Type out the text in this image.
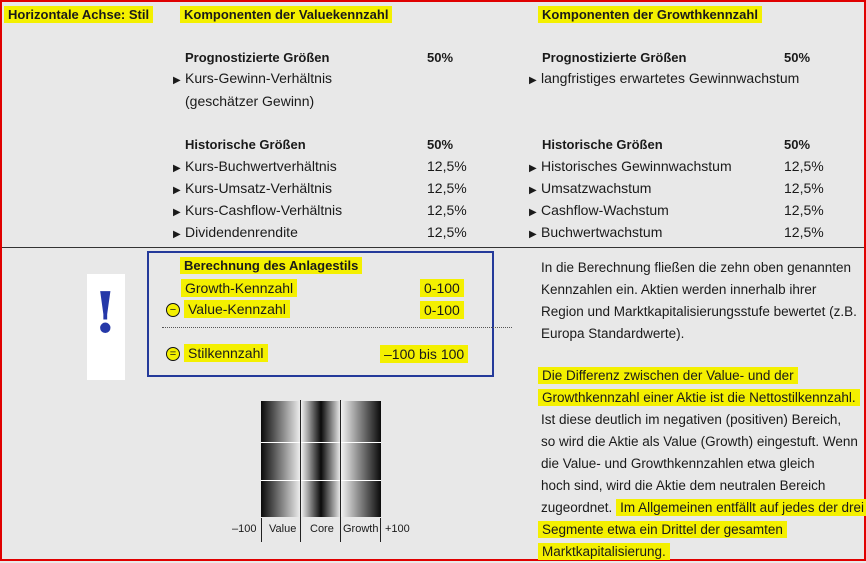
Horizontale Achse: Stil	Komponenten der Valuekennzahl	Komponenten der Growthkennzahl
Prognostizierte Größen	50%
▶ Kurs-Gewinn-Verhältnis
(geschätzer Gewinn)
Historische Größen	50%
▶ Kurs-Buchwertverhältnis	12,5%
▶ Kurs-Umsatz-Verhältnis	12,5%
▶ Kurs-Cashflow-Verhältnis	12,5%
▶ Dividendenrendite	12,5%
Prognostizierte Größen	50%
▶ langfristiges erwartetes Gewinnwachstum
Historische Größen	50%
▶ Historisches Gewinnwachstum	12,5%
▶ Umsatzwachstum	12,5%
▶ Cashflow-Wachstum	12,5%
▶ Buchwertwachstum	12,5%
!
Berechnung des Anlagestils
Growth-Kennzahl	0-100
− Value-Kennzahl	0-100
= Stilkennzahl	–100 bis 100
–100 Value Core Growth +100
In die Berechnung fließen die zehn oben genannten
Kennzahlen ein. Aktien werden innerhalb ihrer
Region und Marktkapitalisierungsstufe bewertet (z.B.
Europa Standardwerte).
Die Differenz zwischen der Value- und der
Growthkennzahl einer Aktie ist die Nettostilkennzahl.
Ist diese deutlich im negativen (positiven) Bereich,
so wird die Aktie als Value (Growth) eingestuft. Wenn
die Value- und Growthkennzahlen etwa gleich
hoch sind, wird die Aktie dem neutralen Bereich
zugeordnet. Im Allgemeinen entfällt auf jedes der drei
Segmente etwa ein Drittel der gesamten
Marktkapitalisierung.
